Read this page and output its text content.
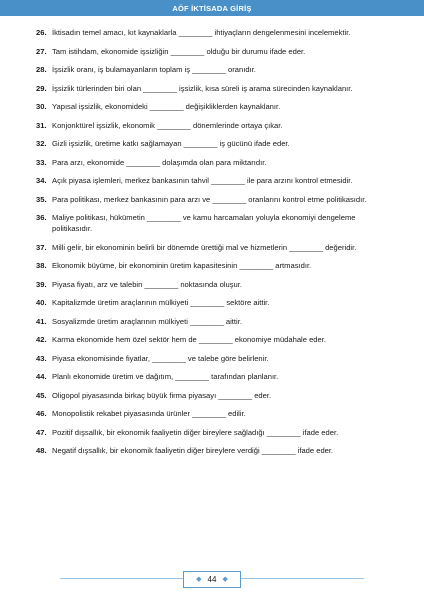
AÖF İKTİSADA GİRİŞ
26. İktisadın temel amacı, kıt kaynaklarla ________ ihtiyaçların dengelenmesini incelemektir.
27. Tam istihdam, ekonomide işsizliğin ________ olduğu bir durumu ifade eder.
28. İşsizlik oranı, iş bulamayanların toplam iş ________ oranıdır.
29. İşsizlik türlerinden biri olan ________ işsizlik, kısa süreli iş arama sürecinden kaynaklanır.
30. Yapısal işsizlik, ekonomideki ________ değişikliklerden kaynaklanır.
31. Konjonktürel işsizlik, ekonomik ________ dönemlerinde ortaya çıkar.
32. Gizli işsizlik, üretime katkı sağlamayan ________ iş gücünü ifade eder.
33. Para arzı, ekonomide ________ dolaşımda olan para miktarıdır.
34. Açık piyasa işlemleri, merkez bankasının tahvil ________ ile para arzını kontrol etmesidir.
35. Para politikası, merkez bankasının para arzı ve ________ oranlarını kontrol etme politikasıdır.
36. Maliye politikası, hükümetin ________ ve kamu harcamaları yoluyla ekonomiyi dengeleme politikasıdır.
37. Milli gelir, bir ekonominin belirli bir dönemde ürettiği mal ve hizmetlerin ________ değeridir.
38. Ekonomik büyüme, bir ekonominin üretim kapasitesinin ________ artmasıdır.
39. Piyasa fiyatı, arz ve talebin ________ noktasında oluşur.
40. Kapitalizmde üretim araçlarının mülkiyeti ________ sektöre aittir.
41. Sosyalizmde üretim araçlarının mülkiyeti ________ aittir.
42. Karma ekonomide hem özel sektör hem de ________ ekonomiye müdahale eder.
43. Piyasa ekonomisinde fiyatlar, ________ ve talebe göre belirlenir.
44. Planlı ekonomide üretim ve dağıtım, ________ tarafından planlanır.
45. Oligopol piyasasında birkaç büyük firma piyasayı ________ eder.
46. Monopolistik rekabet piyasasında ürünler ________ edilir.
47. Pozitif dışsallık, bir ekonomik faaliyetin diğer bireylere sağladığı ________ ifade eder.
48. Negatif dışsallık, bir ekonomik faaliyetin diğer bireylere verdiği ________ ifade eder.
◆ 44 ◆
